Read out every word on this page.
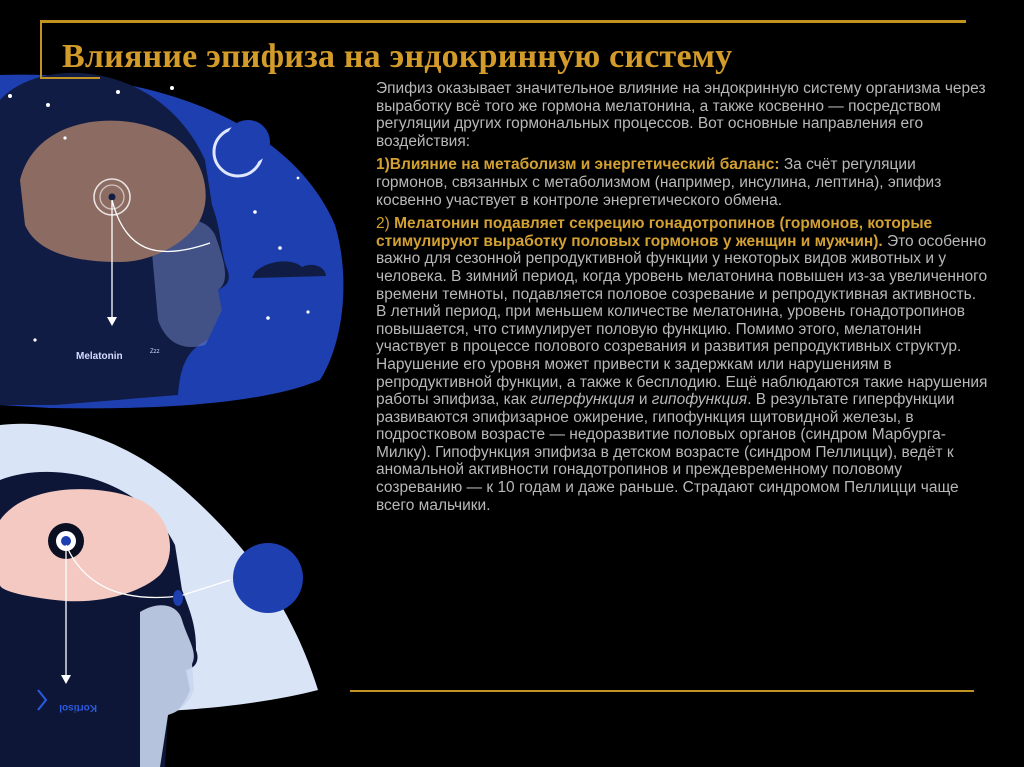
Melatonin	Zzz
Kortisol
Влияние эпифиза на эндокринную систему

Эпифиз оказывает значительное влияние на эндокринную систему организма через выработку всё того же гормона мелатонина, а также косвенно — посредством регуляции других гормональных процессов. Вот основные направления его воздействия:

1)Влияние на метаболизм и энергетический баланс: За счёт регуляции гормонов, связанных с метаболизмом (например, инсулина, лептина), эпифиз косвенно участвует в контроле энергетического обмена.

2) Мелатонин подавляет секрецию гонадотропинов (гормонов, которые стимулируют выработку половых гормонов у женщин и мужчин). Это особенно важно для сезонной репродуктивной функции у некоторых видов животных и у человека. В зимний период, когда уровень мелатонина повышен из-за увеличенного времени темноты, подавляется половое созревание и репродуктивная активность. В летний период, при меньшем количестве мелатонина, уровень гонадотропинов повышается, что стимулирует половую функцию. Помимо этого, мелатонин участвует в процессе полового созревания и развития репродуктивных структур. Нарушение его уровня может привести к задержкам или нарушениям в репродуктивной функции, а также к бесплодию. Ещё наблюдаются такие нарушения работы эпифиза, как гиперфункция и гипофункция. В результате гиперфункции развиваются эпифизарное ожирение, гипофункция щитовидной железы, в подростковом возрасте — недоразвитие половых органов (синдром Марбурга-Милку). Гипофункция эпифиза в детском возрасте (синдром Пеллицци), ведёт к аномальной активности гонадотропинов и преждевременному половому созреванию — к 10 годам и даже раньше. Страдают синдромом Пеллицци чаще всего мальчики.
